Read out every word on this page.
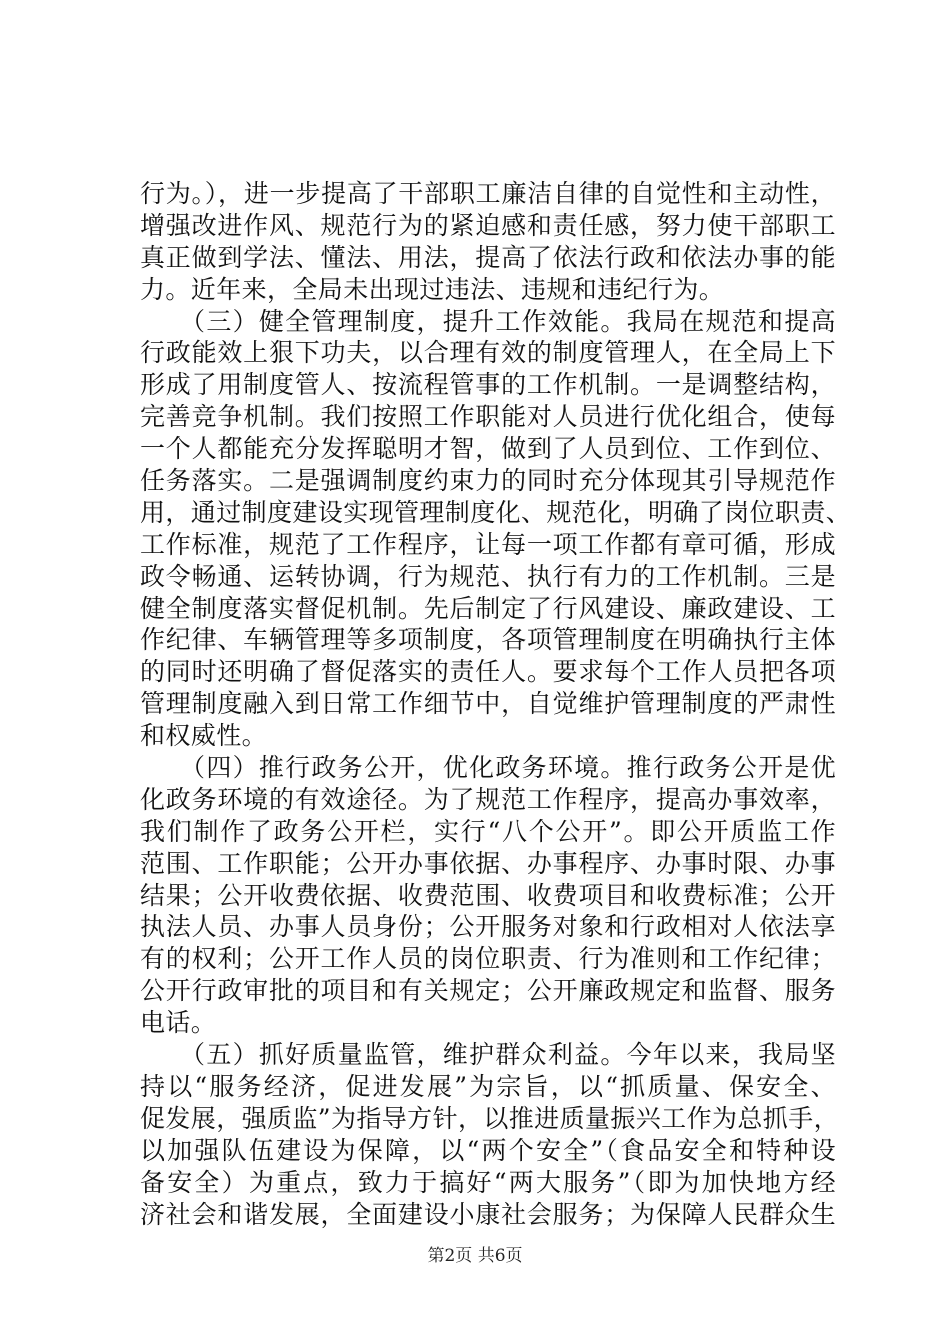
行为。），进一步提高了干部职工廉洁自律的自觉性和主动性，
增强改进作风、规范行为的紧迫感和责任感，努力使干部职工
真正做到学法、懂法、用法，提高了依法行政和依法办事的能
力。近年来，全局未出现过违法、违规和违纪行为。
　　（三）健全管理制度，提升工作效能。我局在规范和提高
行政能效上狠下功夫，以合理有效的制度管理人，在全局上下
形成了用制度管人、按流程管事的工作机制。一是调整结构，
完善竞争机制。我们按照工作职能对人员进行优化组合，使每
一个人都能充分发挥聪明才智，做到了人员到位、工作到位、
任务落实。二是强调制度约束力的同时充分体现其引导规范作
用，通过制度建设实现管理制度化、规范化，明确了岗位职责、
工作标准，规范了工作程序，让每一项工作都有章可循，形成
政令畅通、运转协调，行为规范、执行有力的工作机制。三是
健全制度落实督促机制。先后制定了行风建设、廉政建设、工
作纪律、车辆管理等多项制度，各项管理制度在明确执行主体
的同时还明确了督促落实的责任人。要求每个工作人员把各项
管理制度融入到日常工作细节中，自觉维护管理制度的严肃性
和权威性。
　　（四）推行政务公开，优化政务环境。推行政务公开是优
化政务环境的有效途径。为了规范工作程序，提高办事效率，
我们制作了政务公开栏，实行“八个公开”。即公开质监工作
范围、工作职能；公开办事依据、办事程序、办事时限、办事
结果；公开收费依据、收费范围、收费项目和收费标准；公开
执法人员、办事人员身份；公开服务对象和行政相对人依法享
有的权利；公开工作人员的岗位职责、行为准则和工作纪律；
公开行政审批的项目和有关规定；公开廉政规定和监督、服务
电话。
　　（五）抓好质量监管，维护群众利益。今年以来，我局坚
持以“服务经济，促进发展”为宗旨，以“抓质量、保安全、
促发展，强质监”为指导方针，以推进质量振兴工作为总抓手，
以加强队伍建设为保障，以“两个安全”（食品安全和特种设
备安全）为重点，致力于搞好“两大服务”（即为加快地方经
济社会和谐发展，全面建设小康社会服务；为保障人民群众生
第2页 共6页
